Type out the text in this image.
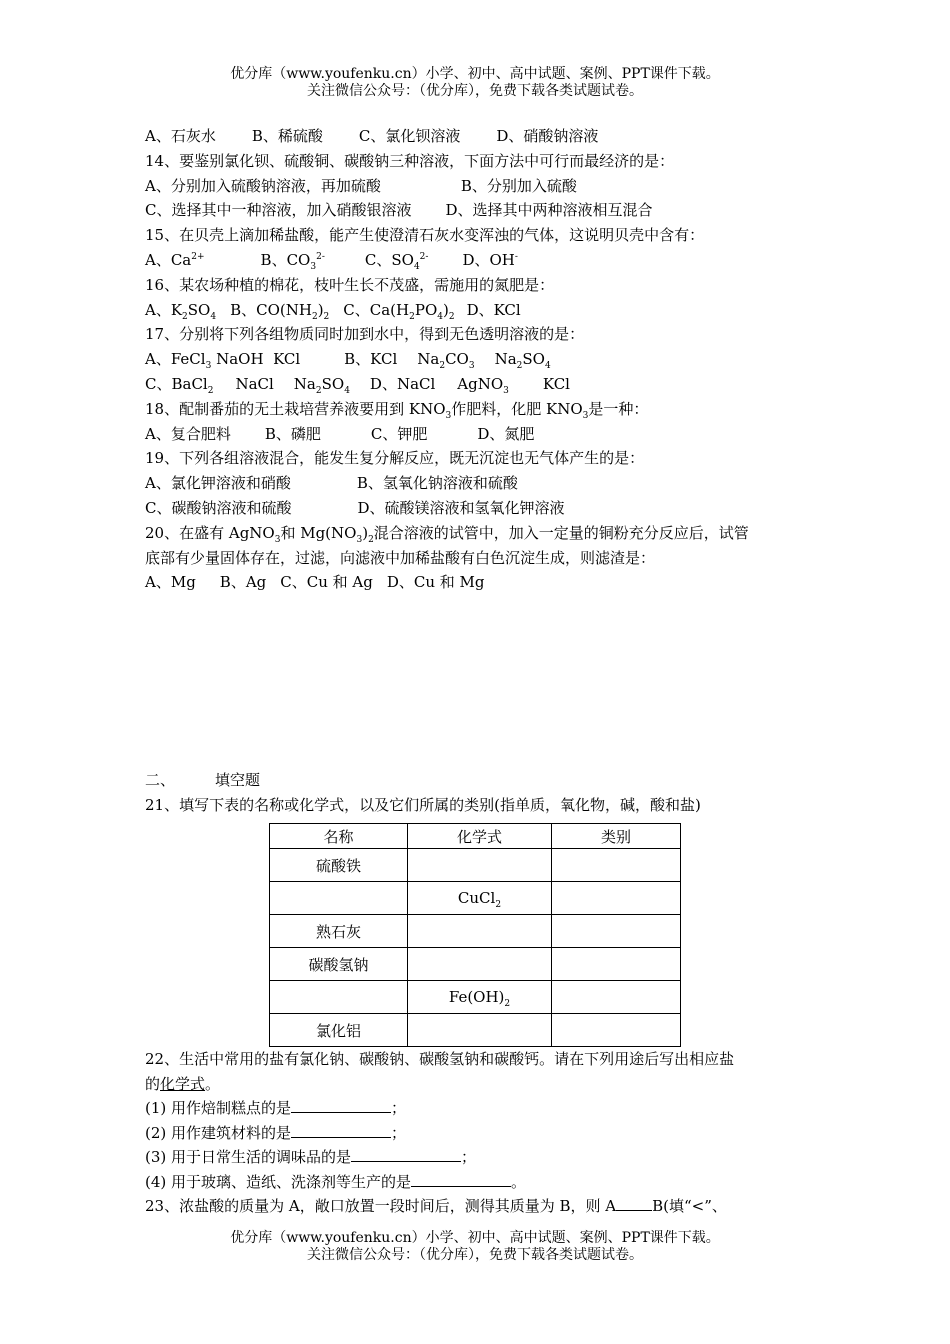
优分库（www.youfenku.cn）小学、初中、高中试题、案例、PPT课件下载。
关注微信公众号：（优分库），免费下载各类试题试卷。
A、石灰水 B、稀硫酸 C、氯化钡溶液 D、硝酸钠溶液
14、要鉴别氯化钡、硫酸铜、碳酸钠三种溶液，下面方法中可行而最经济的是：
A、分别加入硫酸钠溶液，再加硫酸	B、分别加入硫酸
C、选择其中一种溶液，加入硝酸银溶液 D、选择其中两种溶液相互混合
15、在贝壳上滴加稀盐酸，能产生使澄清石灰水变浑浊的气体，这说明贝壳中含有：
A、$Ca^{2+}$	B、$CO_3^{2-}$	C、$SO_4^{2-}$ D、OH-
16、某农场种植的棉花，枝叶生长不茂盛，需施用的氮肥是：
A、$K_2SO_4$ B、$CO(NH_2)_2$ C、$Ca(H_2PO_4)_2$ D、KCl
17、分别将下列各组物质同时加到水中，得到无色透明溶液的是：
A、FeCl$_3$ NaOH  KCl	B、KCl $Na_2CO_3$ $Na_2SO_4$
C、BaCl$_2$ NaCl $Na_2SO_4$ D、NaCl AgNO$_3$ KCl
18、配制番茄的无土栽培营养液要用到 $KNO_3$作肥料，化肥 $KNO_3$是一种：
A、复合肥料 B、磷肥	C、钾肥	D、氮肥
19、下列各组溶液混合，能发生复分解反应，既无沉淀也无气体产生的是：
A、氯化钾溶液和硝酸	B、氢氧化钠溶液和硫酸
C、碳酸钠溶液和硫酸	D、硫酸镁溶液和氢氧化钾溶液
20、在盛有 AgNO$_3$和 $Mg(NO_3)_2$混合溶液的试管中，加入一定量的铜粉充分反应后，试管
底部有少量固体存在，过滤，向滤液中加稀盐酸有白色沉淀生成，则滤渣是：
A、Mg B、Ag C、Cu 和 Ag D、Cu 和 Mg
二、	填空题
21、填写下表的名称或化学式，以及它们所属的类别(指单质，氧化物，碱，酸和盐)
名称	化学式	类别
硫酸铁		
	CuCl$_2$	
熟石灰		
碳酸氢钠		
	$Fe(OH)_2$	
氯化铝		
22、生活中常用的盐有氯化钠、碳酸钠、碳酸氢钠和碳酸钙。请在下列用途后写出相应盐
的化学式。
(1) 用作焙制糕点的是	；
(2) 用作建筑材料的是	；
(3) 用于日常生活的调味品的是	；
(4) 用于玻璃、造纸、洗涤剂等生产的是	。
23、浓盐酸的质量为 A，敞口放置一段时间后，测得其质量为 B，则 A B(填“<”、
优分库（www.youfenku.cn）小学、初中、高中试题、案例、PPT课件下载。
关注微信公众号：（优分库），免费下载各类试题试卷。
